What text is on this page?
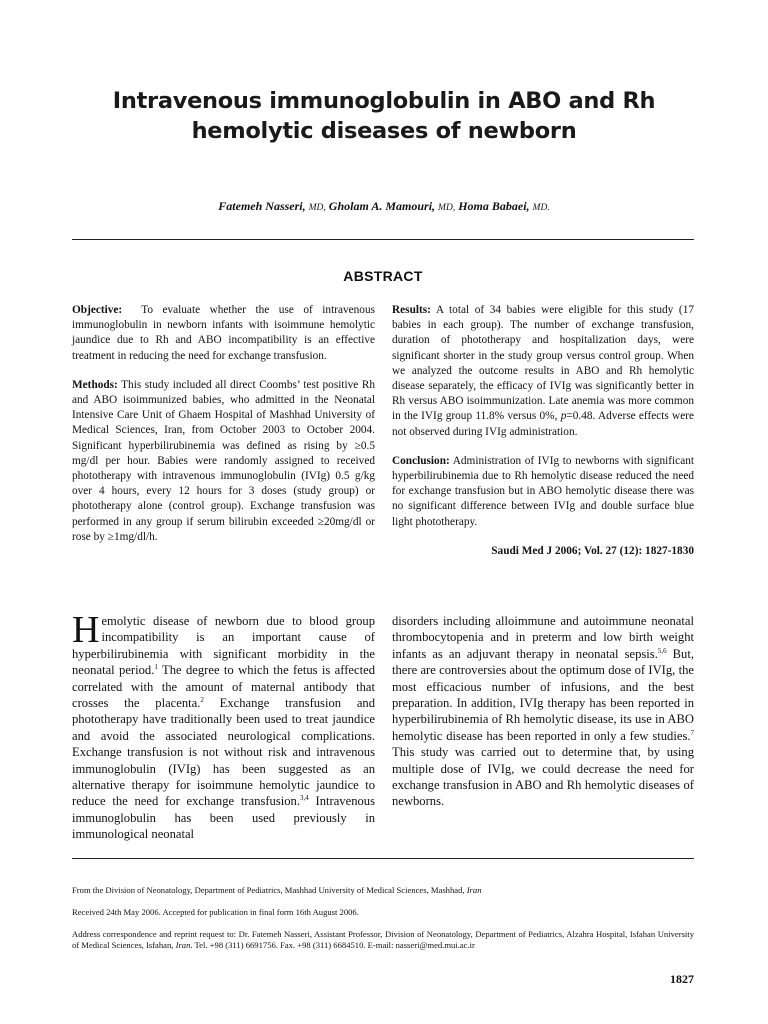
Intravenous immunoglobulin in ABO and Rh
hemolytic diseases of newborn
Fatemeh Nasseri, MD, Gholam A. Mamouri, MD, Homa Babaei, MD.
ABSTRACT

Objective: To evaluate whether the use of intravenous immunoglobulin in newborn infants with isoimmune hemolytic jaundice due to Rh and ABO incompatibility is an effective treatment in reducing the need for exchange transfusion.

Methods: This study included all direct Coombs’ test positive Rh and ABO isoimmunized babies, who admitted in the Neonatal Intensive Care Unit of Ghaem Hospital of Mashhad University of Medical Sciences, Iran, from October 2003 to October 2004. Significant hyperbilirubinemia was defined as rising by ≥0.5 mg/dl per hour. Babies were randomly assigned to received phototherapy with intravenous immunoglobulin (IVIg) 0.5 g/kg over 4 hours, every 12 hours for 3 doses (study group) or phototherapy alone (control group). Exchange transfusion was performed in any group if serum bilirubin exceeded ≥20mg/dl or rose by ≥1mg/dl/h.

Results: A total of 34 babies were eligible for this study (17 babies in each group). The number of exchange transfusion, duration of phototherapy and hospitalization days, were significant shorter in the study group versus control group. When we analyzed the outcome results in ABO and Rh hemolytic disease separately, the efficacy of IVIg was significantly better in Rh versus ABO isoimmunization. Late anemia was more common in the IVIg group 11.8% versus 0%, p=0.48. Adverse effects were not observed during IVIg administration.

Conclusion: Administration of IVIg to newborns with significant hyperbilirubinemia due to Rh hemolytic disease reduced the need for exchange transfusion but in ABO hemolytic disease there was no significant difference between IVIg and double surface blue light phototherapy.

Saudi Med J 2006; Vol. 27 (12): 1827-1830

Hemolytic disease of newborn due to blood group incompatibility is an important cause of hyperbilirubinemia with significant morbidity in the neonatal period.$^1$ The degree to which the fetus is affected correlated with the amount of maternal antibody that crosses the placenta.$^2$ Exchange transfusion and phototherapy have traditionally been used to treat jaundice and avoid the associated neurological complications. Exchange transfusion is not without risk and intravenous immunoglobulin (IVIg) has been suggested as an alternative therapy for isoimmune hemolytic jaundice to reduce the need for exchange transfusion.$^{3,4}$ Intravenous immunoglobulin has been used previously in immunological neonatal

disorders including alloimmune and autoimmune neonatal thrombocytopenia and in preterm and low birth weight infants as an adjuvant therapy in neonatal sepsis.$^{5,6}$ But, there are controversies about the optimum dose of IVIg, the most efficacious number of infusions, and the best preparation. In addition, IVIg therapy has been reported in hyperbilirubinemia of Rh hemolytic disease, its use in ABO hemolytic disease has been reported in only a few studies.$^7$ This study was carried out to determine that, by using multiple dose of IVIg, we could decrease the need for exchange transfusion in ABO and Rh hemolytic diseases of newborns.

From the Division of Neonatology, Department of Pediatrics, Mashhad University of Medical Sciences, Mashhad, Iran
Received 24th May 2006. Accepted for publication in final form 16th August 2006.
Address correspondence and reprint request to: Dr. Fatemeh Nasseri, Assistant Professor, Division of Neonatology, Department of Pediatrics, Alzahra Hospital, Isfahan University of Medical Sciences, Isfahan, Iran. Tel. +98 (311) 6691756. Fax. +98 (311) 6684510. E-mail: nasseri@med.mui.ac.ir
1827
